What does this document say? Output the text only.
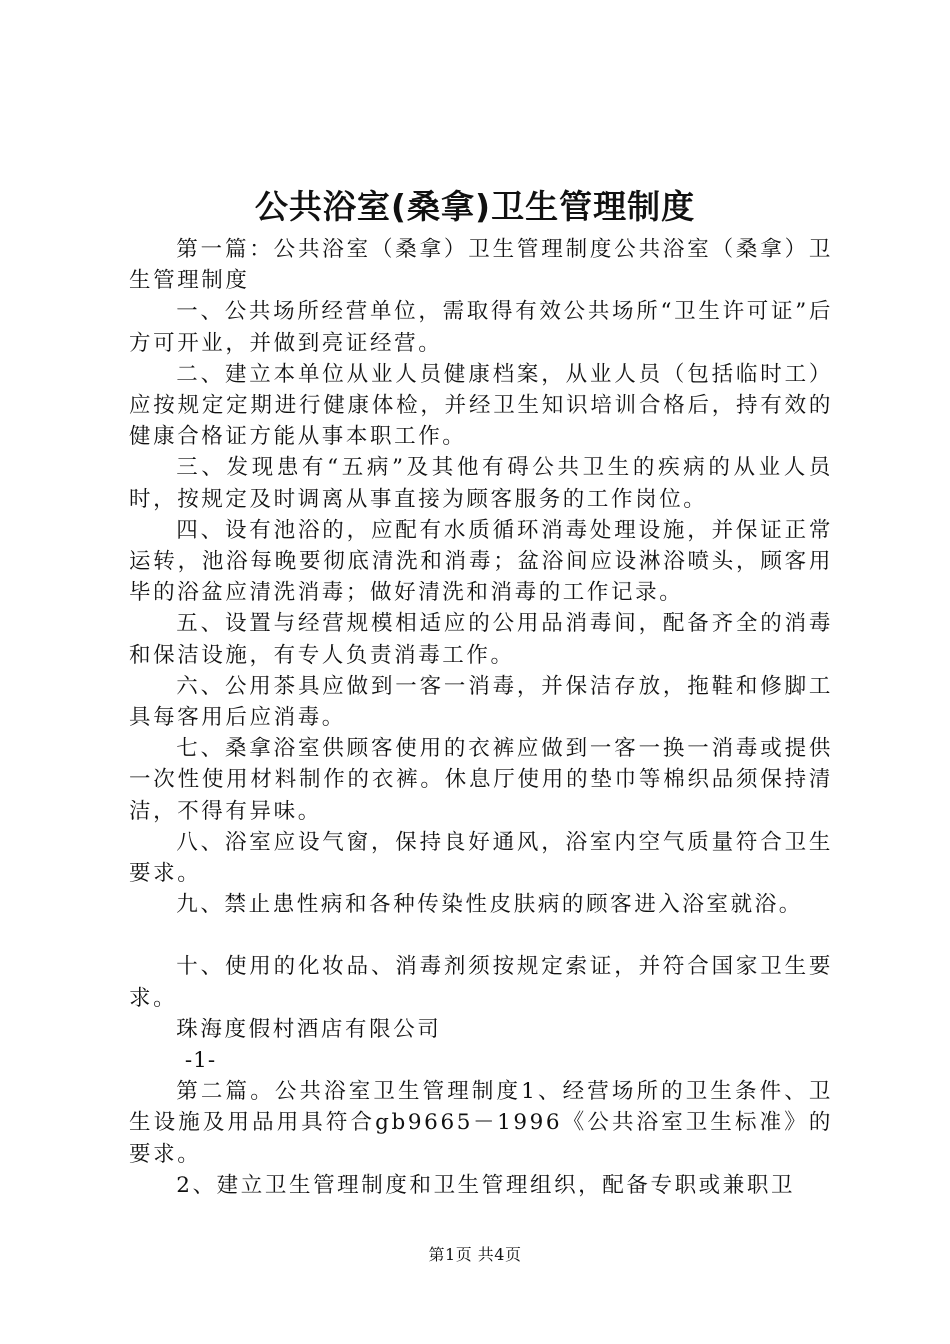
公共浴室(桑拿)卫生管理制度

第一篇：公共浴室（桑拿）卫生管理制度公共浴室（桑拿）卫生管理制度

一、公共场所经营单位，需取得有效公共场所“卫生许可证”后方可开业，并做到亮证经营。

二、建立本单位从业人员健康档案，从业人员（包括临时工）应按规定定期进行健康体检，并经卫生知识培训合格后，持有效的健康合格证方能从事本职工作。

三、发现患有“五病”及其他有碍公共卫生的疾病的从业人员时，按规定及时调离从事直接为顾客服务的工作岗位。

四、设有池浴的，应配有水质循环消毒处理设施，并保证正常运转，池浴每晚要彻底清洗和消毒；盆浴间应设淋浴喷头，顾客用毕的浴盆应清洗消毒；做好清洗和消毒的工作记录。

五、设置与经营规模相适应的公用品消毒间，配备齐全的消毒和保洁设施，有专人负责消毒工作。

六、公用茶具应做到一客一消毒，并保洁存放，拖鞋和修脚工具每客用后应消毒。

七、桑拿浴室供顾客使用的衣裤应做到一客一换一消毒或提供一次性使用材料制作的衣裤。休息厅使用的垫巾等棉织品须保持清洁，不得有异味。

八、浴室应设气窗，保持良好通风，浴室内空气质量符合卫生要求。

九、禁止患性病和各种传染性皮肤病的顾客进入浴室就浴。

十、使用的化妆品、消毒剂须按规定索证，并符合国家卫生要求。

珠海度假村酒店有限公司

-1-

第二篇。公共浴室卫生管理制度1、经营场所的卫生条件、卫生设施及用品用具符合gb9665－1996《公共浴室卫生标准》的要求。

2、建立卫生管理制度和卫生管理组织，配备专职或兼职卫

第1页 共4页
